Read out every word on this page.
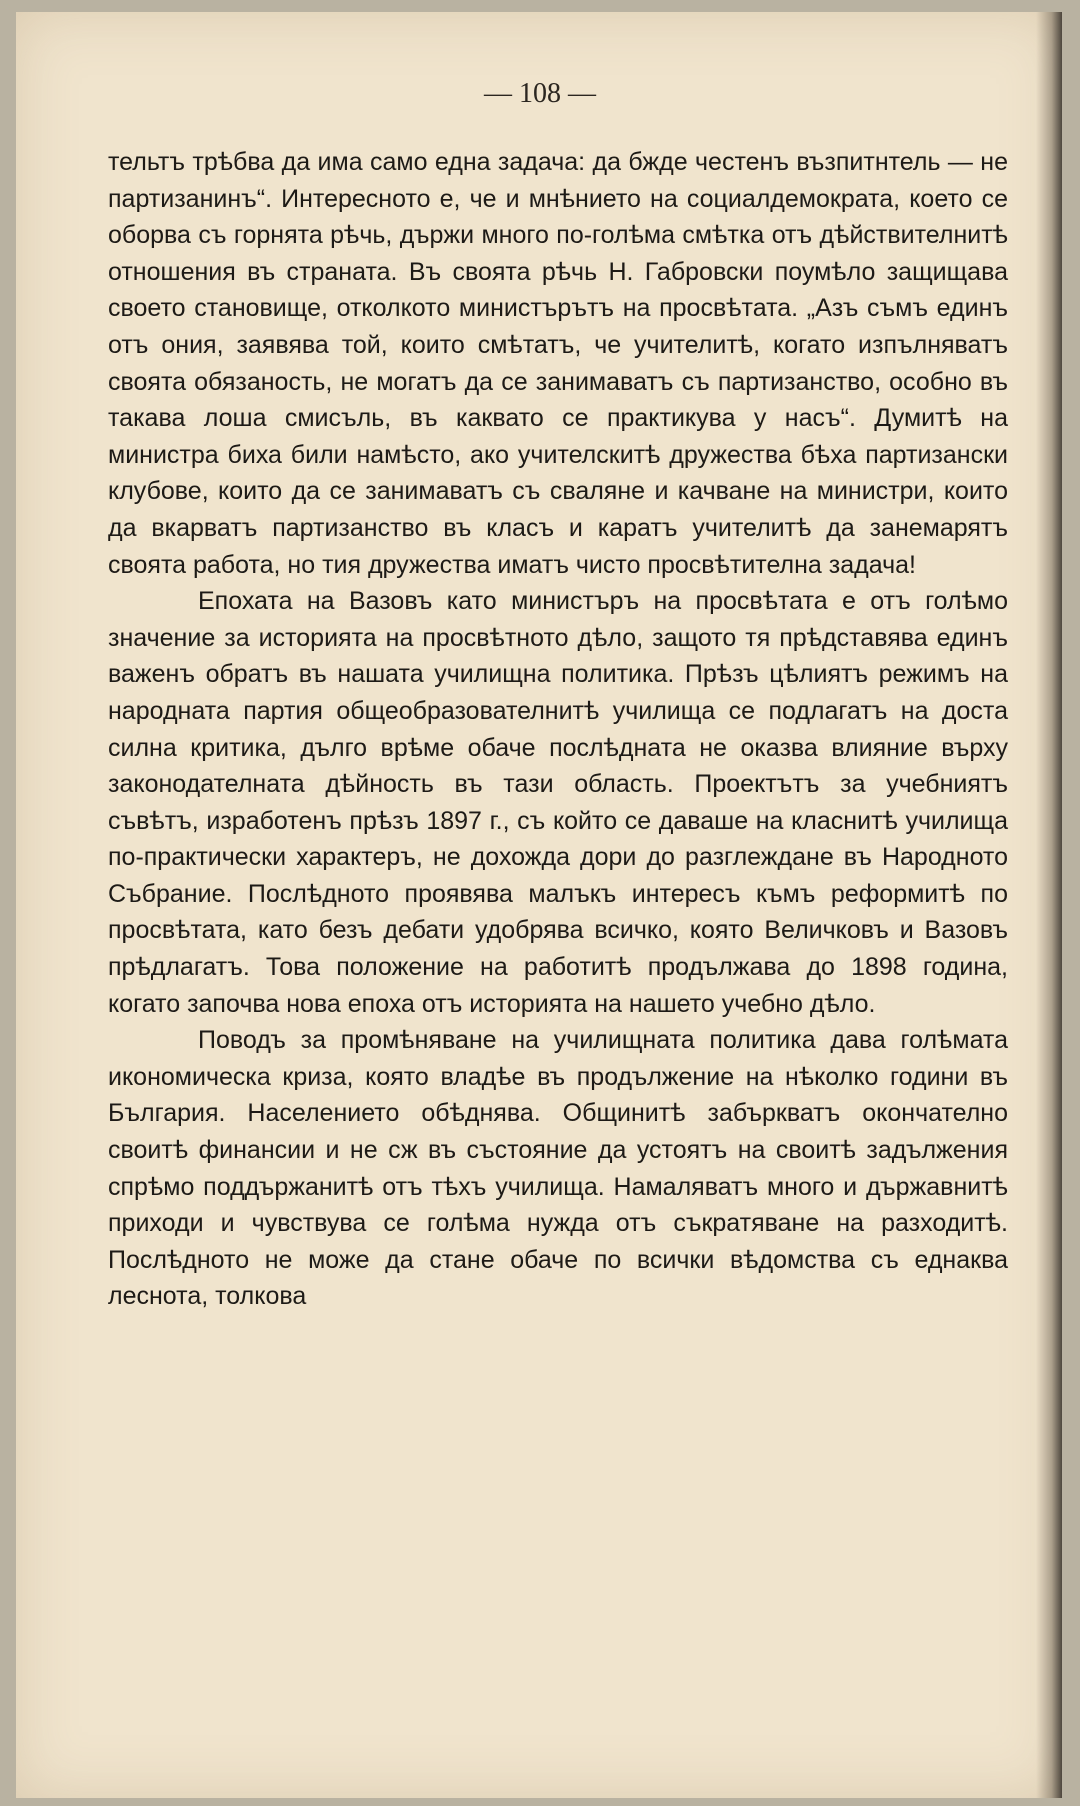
— 108 —

тельтъ трѣбва да има само една задача: да бжде честенъ възпитнтель — не партизанинъ“. Интересното е, че и мнѣнието на социалдемократа, което се оборва съ горнята рѣчь, държи много по-голѣма смѣтка отъ дѣйствителнитѣ отношения въ страната. Въ своята рѣчь Н. Габровски поумѣло защищава своето становище, отколкото министърътъ на просвѣтата. „Азъ съмъ единъ отъ ония, заявява той, които смѣтатъ, че учителитѣ, когато изпълняватъ своята обязаность, не могатъ да се занимаватъ съ партизанство, особно въ такава лоша смисъль, въ каквато се практикува у насъ“. Думитѣ на министра биха били намѣсто, ако учителскитѣ дружества бѣха партизански клубове, които да се занимаватъ съ сваляне и качване на министри, които да вкарватъ партизанство въ класъ и каратъ учителитѣ да занемарятъ своята работа, но тия дружества иматъ чисто просвѣтителна задача!

Епохата на Вазовъ като министъръ на просвѣтата е отъ голѣмо значение за историята на просвѣтното дѣло, защото тя прѣдставява единъ важенъ обратъ въ нашата училищна политика. Прѣзъ цѣлиятъ режимъ на народната партия общеобразователнитѣ училища се подлагатъ на доста силна критика, дълго врѣме обаче послѣдната не оказва влияние върху законодателната дѣйность въ тази область. Проектътъ за учебниятъ съвѣтъ, изработенъ прѣзъ 1897 г., съ който се даваше на класнитѣ училища по-практически характеръ, не дохожда дори до разглеждане въ Народното Събрание. Послѣдното проявява малъкъ интересъ къмъ реформитѣ по просвѣтата, като безъ дебати удобрява всичко, която Величковъ и Вазовъ прѣдлагатъ. Това положение на работитѣ продължава до 1898 година, когато започва нова епоха отъ историята на нашето учебно дѣло.

Поводъ за промѣняване на училищната политика дава голѣмата икономическа криза, която владѣе въ продължение на нѣколко години въ България. Населението обѣднява. Общинитѣ забъркватъ окончателно своитѣ финансии и не сж въ състояние да устоятъ на своитѣ задължения спрѣмо поддържанитѣ отъ тѣхъ училища. Намаляватъ много и държавнитѣ приходи и чувствува се голѣма нужда отъ съкратяване на разходитѣ. Послѣдното не може да стане обаче по всички вѣдомства съ еднаква леснота, толкова
